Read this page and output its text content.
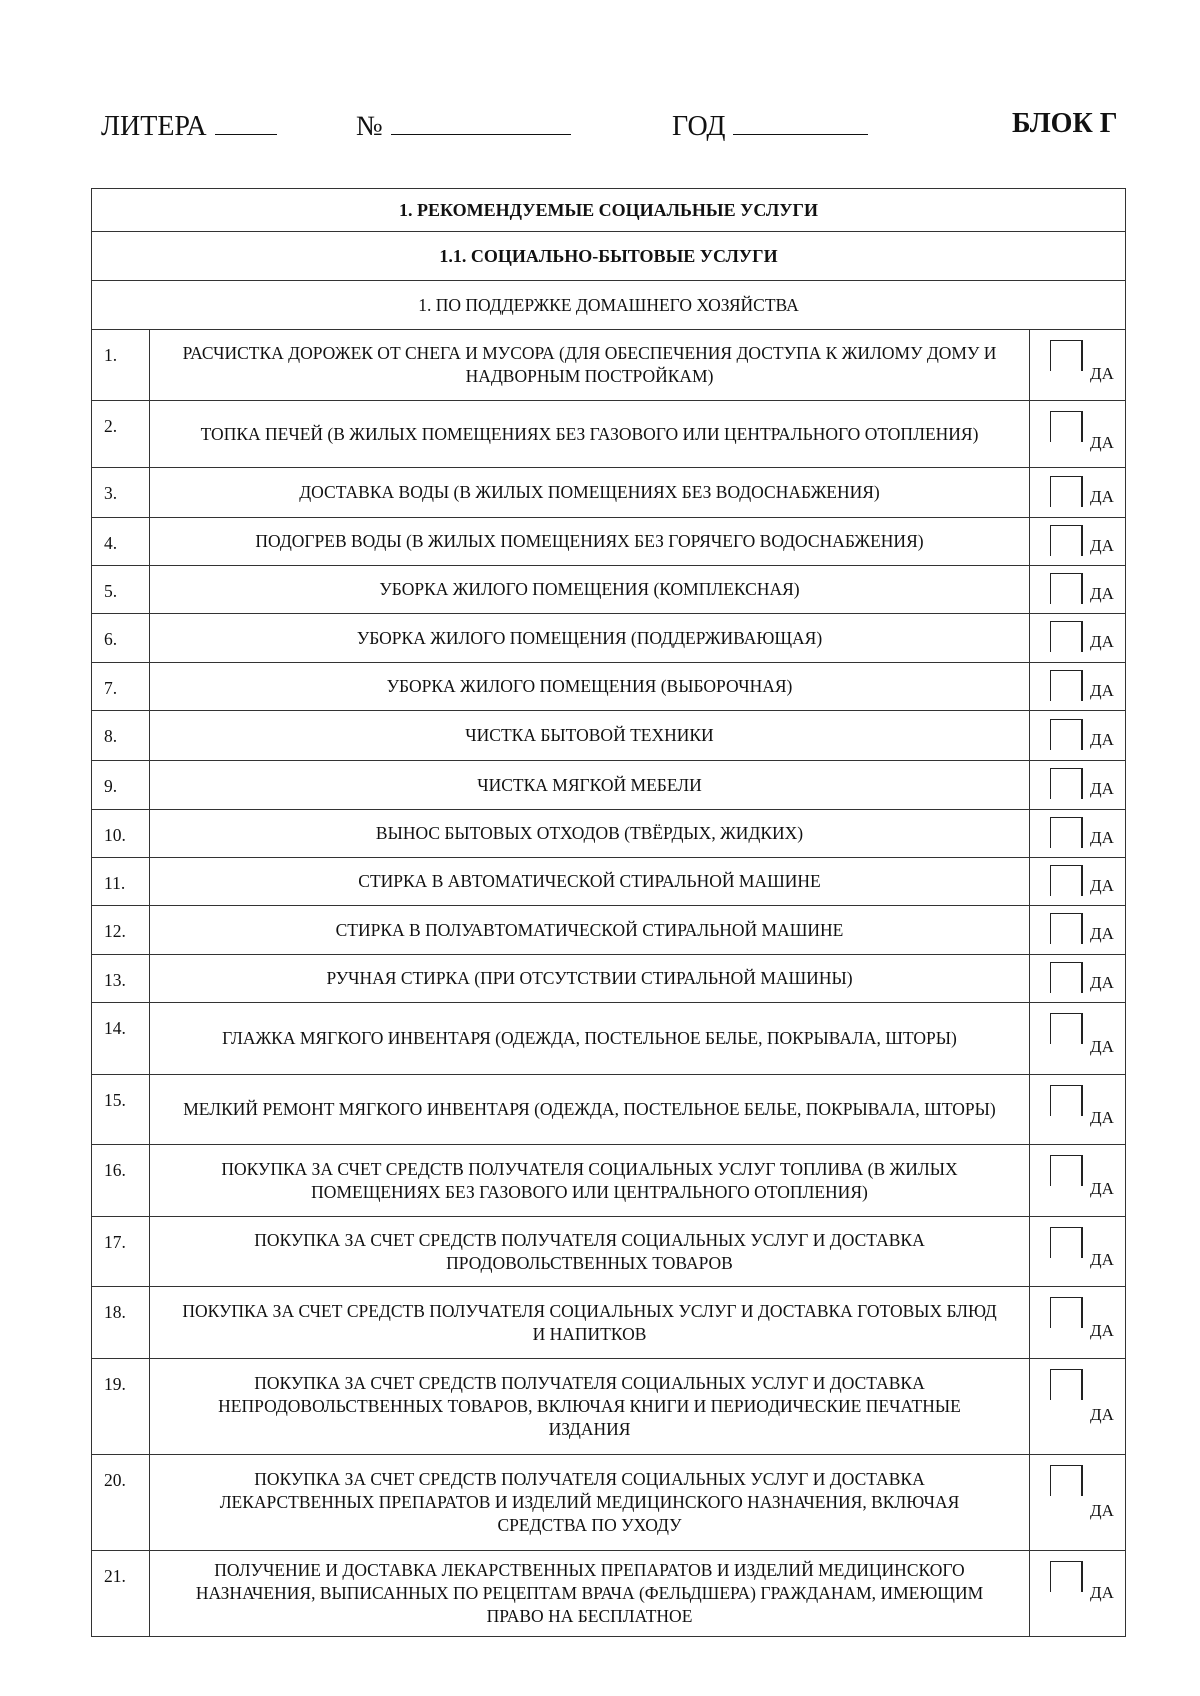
ЛИТЕРА	№	ГОД	БЛОК Г
1. РЕКОМЕНДУЕМЫЕ СОЦИАЛЬНЫЕ УСЛУГИ		
1.1. СОЦИАЛЬНО-БЫТОВЫЕ УСЛУГИ		
1. ПО ПОДДЕРЖКЕ ДОМАШНЕГО ХОЗЯЙСТВА		
1.	РАСЧИСТКА ДОРОЖЕК ОТ СНЕГА И МУСОРА (ДЛЯ ОБЕСПЕЧЕНИЯ ДОСТУПА К ЖИЛОМУ ДОМУ И НАДВОРНЫМ ПОСТРОЙКАМ)	ДА

2.	ТОПКА ПЕЧЕЙ (В ЖИЛЫХ ПОМЕЩЕНИЯХ БЕЗ ГАЗОВОГО ИЛИ ЦЕНТРАЛЬНОГО ОТОПЛЕНИЯ)	ДА

3.	ДОСТАВКА ВОДЫ (В ЖИЛЫХ ПОМЕЩЕНИЯХ БЕЗ ВОДОСНАБЖЕНИЯ)	ДА

4.	ПОДОГРЕВ ВОДЫ (В ЖИЛЫХ ПОМЕЩЕНИЯХ БЕЗ ГОРЯЧЕГО ВОДОСНАБЖЕНИЯ)	ДА

5.	УБОРКА ЖИЛОГО ПОМЕЩЕНИЯ (КОМПЛЕКСНАЯ)	ДА

6.	УБОРКА ЖИЛОГО ПОМЕЩЕНИЯ (ПОДДЕРЖИВАЮЩАЯ)	ДА

7.	УБОРКА ЖИЛОГО ПОМЕЩЕНИЯ (ВЫБОРОЧНАЯ)	ДА

8.	ЧИСТКА БЫТОВОЙ ТЕХНИКИ	ДА

9.	ЧИСТКА МЯГКОЙ МЕБЕЛИ	ДА

10.	ВЫНОС БЫТОВЫХ ОТХОДОВ (ТВЁРДЫХ, ЖИДКИХ)	ДА

11.	СТИРКА В АВТОМАТИЧЕСКОЙ СТИРАЛЬНОЙ МАШИНЕ	ДА

12.	СТИРКА В ПОЛУАВТОМАТИЧЕСКОЙ СТИРАЛЬНОЙ МАШИНЕ	ДА

13.	РУЧНАЯ СТИРКА (ПРИ ОТСУТСТВИИ СТИРАЛЬНОЙ МАШИНЫ)	ДА

14.	ГЛАЖКА МЯГКОГО ИНВЕНТАРЯ (ОДЕЖДА, ПОСТЕЛЬНОЕ БЕЛЬЕ, ПОКРЫВАЛА, ШТОРЫ)	ДА

15.	МЕЛКИЙ РЕМОНТ МЯГКОГО ИНВЕНТАРЯ (ОДЕЖДА, ПОСТЕЛЬНОЕ БЕЛЬЕ, ПОКРЫВАЛА, ШТОРЫ)	ДА

16.	ПОКУПКА ЗА СЧЕТ СРЕДСТВ ПОЛУЧАТЕЛЯ СОЦИАЛЬНЫХ УСЛУГ ТОПЛИВА (В ЖИЛЫХ ПОМЕЩЕНИЯХ БЕЗ ГАЗОВОГО ИЛИ ЦЕНТРАЛЬНОГО ОТОПЛЕНИЯ)	ДА

17.	ПОКУПКА ЗА СЧЕТ СРЕДСТВ ПОЛУЧАТЕЛЯ СОЦИАЛЬНЫХ УСЛУГ И ДОСТАВКА ПРОДОВОЛЬСТВЕННЫХ ТОВАРОВ	ДА

18.	ПОКУПКА ЗА СЧЕТ СРЕДСТВ ПОЛУЧАТЕЛЯ СОЦИАЛЬНЫХ УСЛУГ И ДОСТАВКА ГОТОВЫХ БЛЮД И НАПИТКОВ	ДА

19.	ПОКУПКА ЗА СЧЕТ СРЕДСТВ ПОЛУЧАТЕЛЯ СОЦИАЛЬНЫХ УСЛУГ И ДОСТАВКА НЕПРОДОВОЛЬСТВЕННЫХ ТОВАРОВ, ВКЛЮЧАЯ КНИГИ И ПЕРИОДИЧЕСКИЕ ПЕЧАТНЫЕ ИЗДАНИЯ	ДА

20.	ПОКУПКА ЗА СЧЕТ СРЕДСТВ ПОЛУЧАТЕЛЯ СОЦИАЛЬНЫХ УСЛУГ И ДОСТАВКА ЛЕКАРСТВЕННЫХ ПРЕПАРАТОВ И ИЗДЕЛИЙ МЕДИЦИНСКОГО НАЗНАЧЕНИЯ, ВКЛЮЧАЯ СРЕДСТВА ПО УХОДУ	ДА

21.	ПОЛУЧЕНИЕ И ДОСТАВКА ЛЕКАРСТВЕННЫХ ПРЕПАРАТОВ И ИЗДЕЛИЙ МЕДИЦИНСКОГО НАЗНАЧЕНИЯ, ВЫПИСАННЫХ ПО РЕЦЕПТАМ ВРАЧА (ФЕЛЬДШЕРА) ГРАЖДАНАМ, ИМЕЮЩИМ ПРАВО НА БЕСПЛАТНОЕ	ДА
